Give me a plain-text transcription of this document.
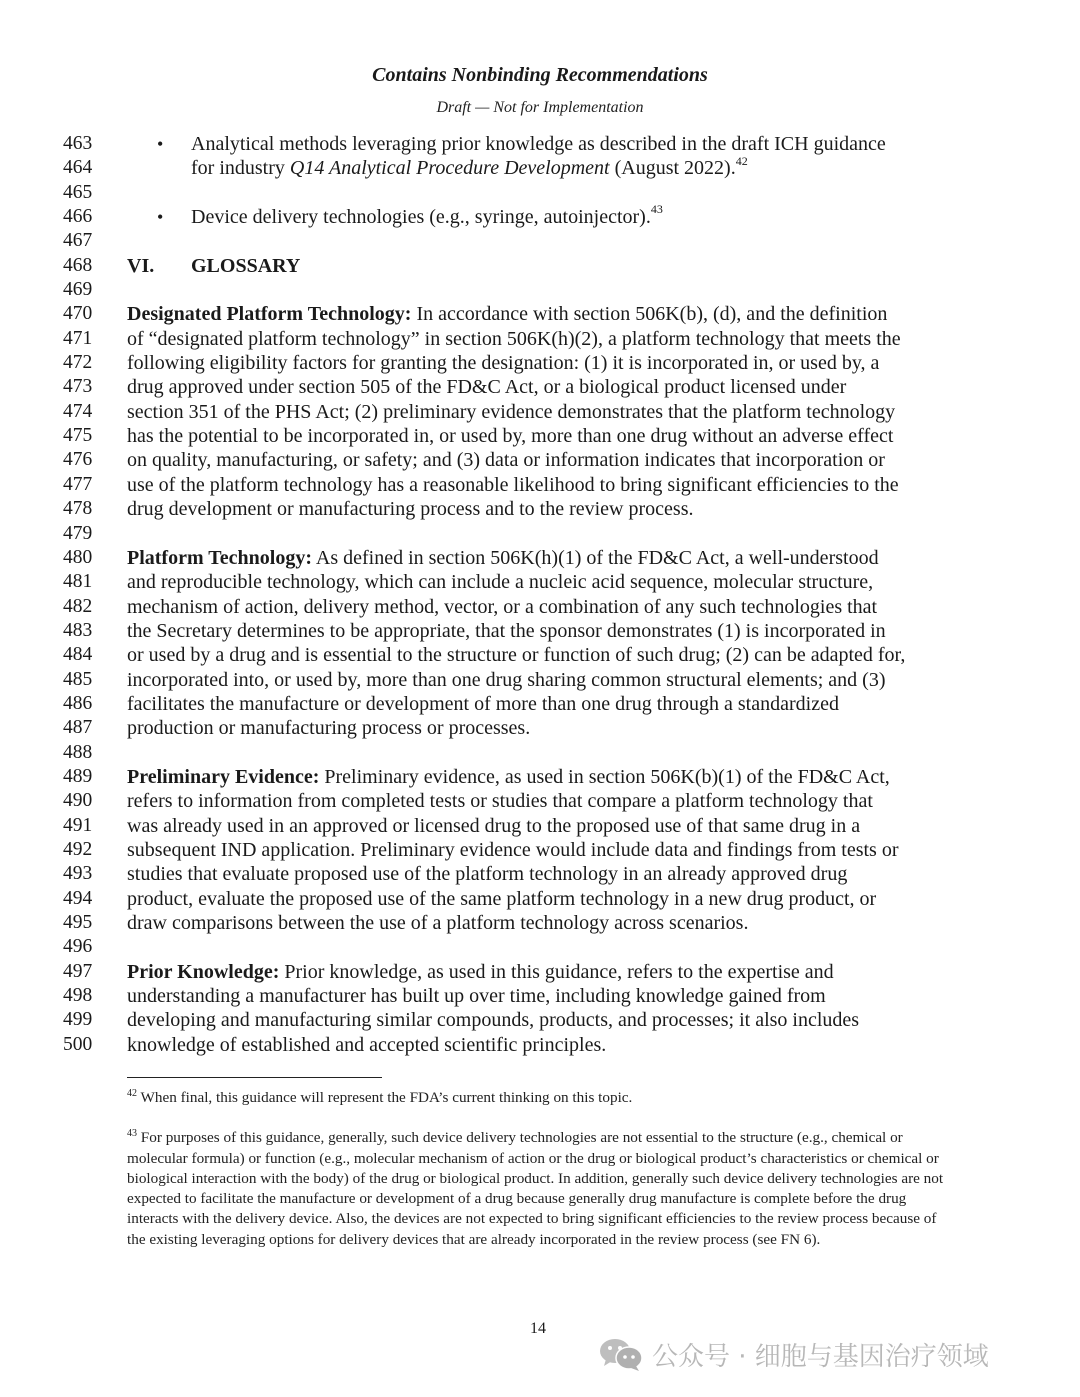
Contains Nonbinding Recommendations
Draft — Not for Implementation
463	• Analytical methods leveraging prior knowledge as described in the draft ICH guidance
464	for industry Q14 Analytical Procedure Development (August 2022).$^{42}$
465
466	• Device delivery technologies (e.g., syringe, autoinjector).$^{43}$
467
468	VI. GLOSSARY
469
470	Designated Platform Technology: In accordance with section 506K(b), (d), and the definition
471	of “designated platform technology” in section 506K(h)(2), a platform technology that meets the
472	following eligibility factors for granting the designation: (1) it is incorporated in, or used by, a
473	drug approved under section 505 of the FD&C Act, or a biological product licensed under
474	section 351 of the PHS Act; (2) preliminary evidence demonstrates that the platform technology
475	has the potential to be incorporated in, or used by, more than one drug without an adverse effect
476	on quality, manufacturing, or safety; and (3) data or information indicates that incorporation or
477	use of the platform technology has a reasonable likelihood to bring significant efficiencies to the
478	drug development or manufacturing process and to the review process.
479
480	Platform Technology: As defined in section 506K(h)(1) of the FD&C Act, a well-understood
481	and reproducible technology, which can include a nucleic acid sequence, molecular structure,
482	mechanism of action, delivery method, vector, or a combination of any such technologies that
483	the Secretary determines to be appropriate, that the sponsor demonstrates (1) is incorporated in
484	or used by a drug and is essential to the structure or function of such drug; (2) can be adapted for,
485	incorporated into, or used by, more than one drug sharing common structural elements; and (3)
486	facilitates the manufacture or development of more than one drug through a standardized
487	production or manufacturing process or processes.
488
489	Preliminary Evidence: Preliminary evidence, as used in section 506K(b)(1) of the FD&C Act,
490	refers to information from completed tests or studies that compare a platform technology that
491	was already used in an approved or licensed drug to the proposed use of that same drug in a
492	subsequent IND application. Preliminary evidence would include data and findings from tests or
493	studies that evaluate proposed use of the platform technology in an already approved drug
494	product, evaluate the proposed use of the same platform technology in a new drug product, or
495	draw comparisons between the use of a platform technology across scenarios.
496
497	Prior Knowledge: Prior knowledge, as used in this guidance, refers to the expertise and
498	understanding a manufacturer has built up over time, including knowledge gained from
499	developing and manufacturing similar compounds, products, and processes; it also includes
500	knowledge of established and accepted scientific principles.
$^{42}$ When final, this guidance will represent the FDA’s current thinking on this topic.
$^{43}$ For purposes of this guidance, generally, such device delivery technologies are not essential to the structure (e.g., chemical or molecular formula) or function (e.g., molecular mechanism of action or the drug or biological product’s characteristics or chemical or biological interaction with the body) of the drug or biological product. In addition, generally such device delivery technologies are not expected to facilitate the manufacture or development of a drug because generally drug manufacture is complete before the drug interacts with the delivery device. Also, the devices are not expected to bring significant efficiencies to the review process because of the existing leveraging options for delivery devices that are already incorporated in the review process (see FN 6).
14
公众号 · 细胞与基因治疗领域
